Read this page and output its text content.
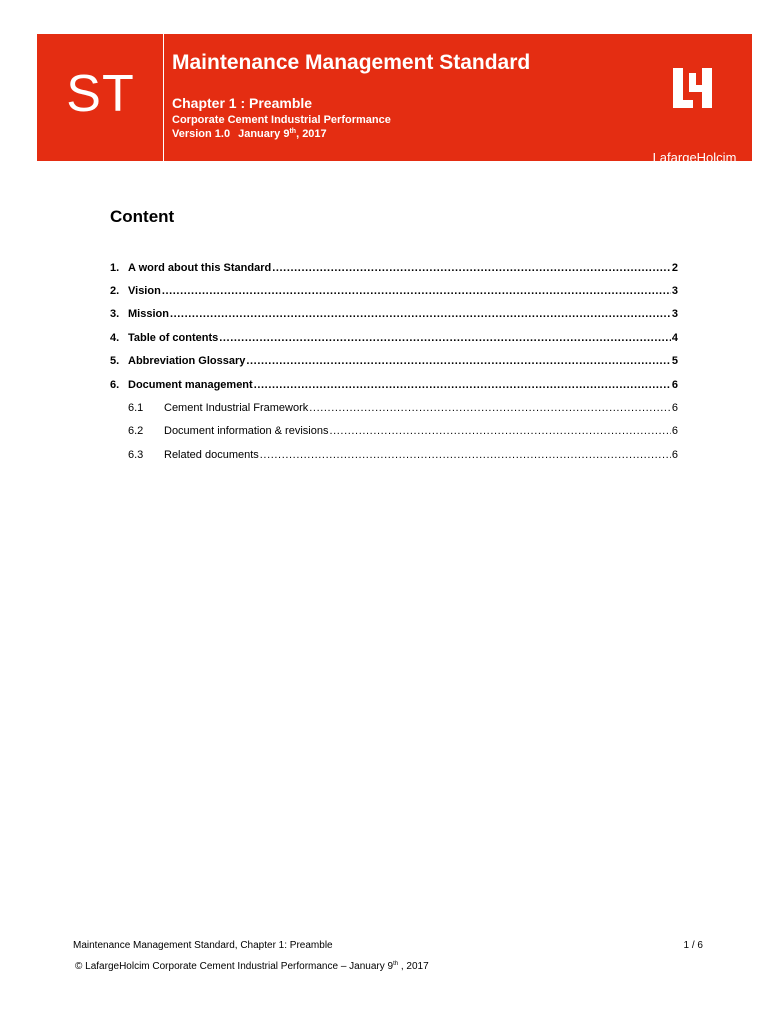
ST
Maintenance Management Standard
Chapter 1 : Preamble
Corporate Cement Industrial Performance
Version 1.0 January 9th, 2017
LafargeHolcim
Content
1. A word about this Standard .....	2
2. Vision .....	3
3. Mission .....	3
4. Table of contents .....	4
5. Abbreviation Glossary .....	5
6. Document management .....	6
6.1	Cement Industrial Framework .....	6
6.2	Document information & revisions .....	6
6.3	Related documents .....	6
Maintenance Management Standard, Chapter 1: Preamble	1 / 6
© LafargeHolcim Corporate Cement Industrial Performance – January 9th , 2017
